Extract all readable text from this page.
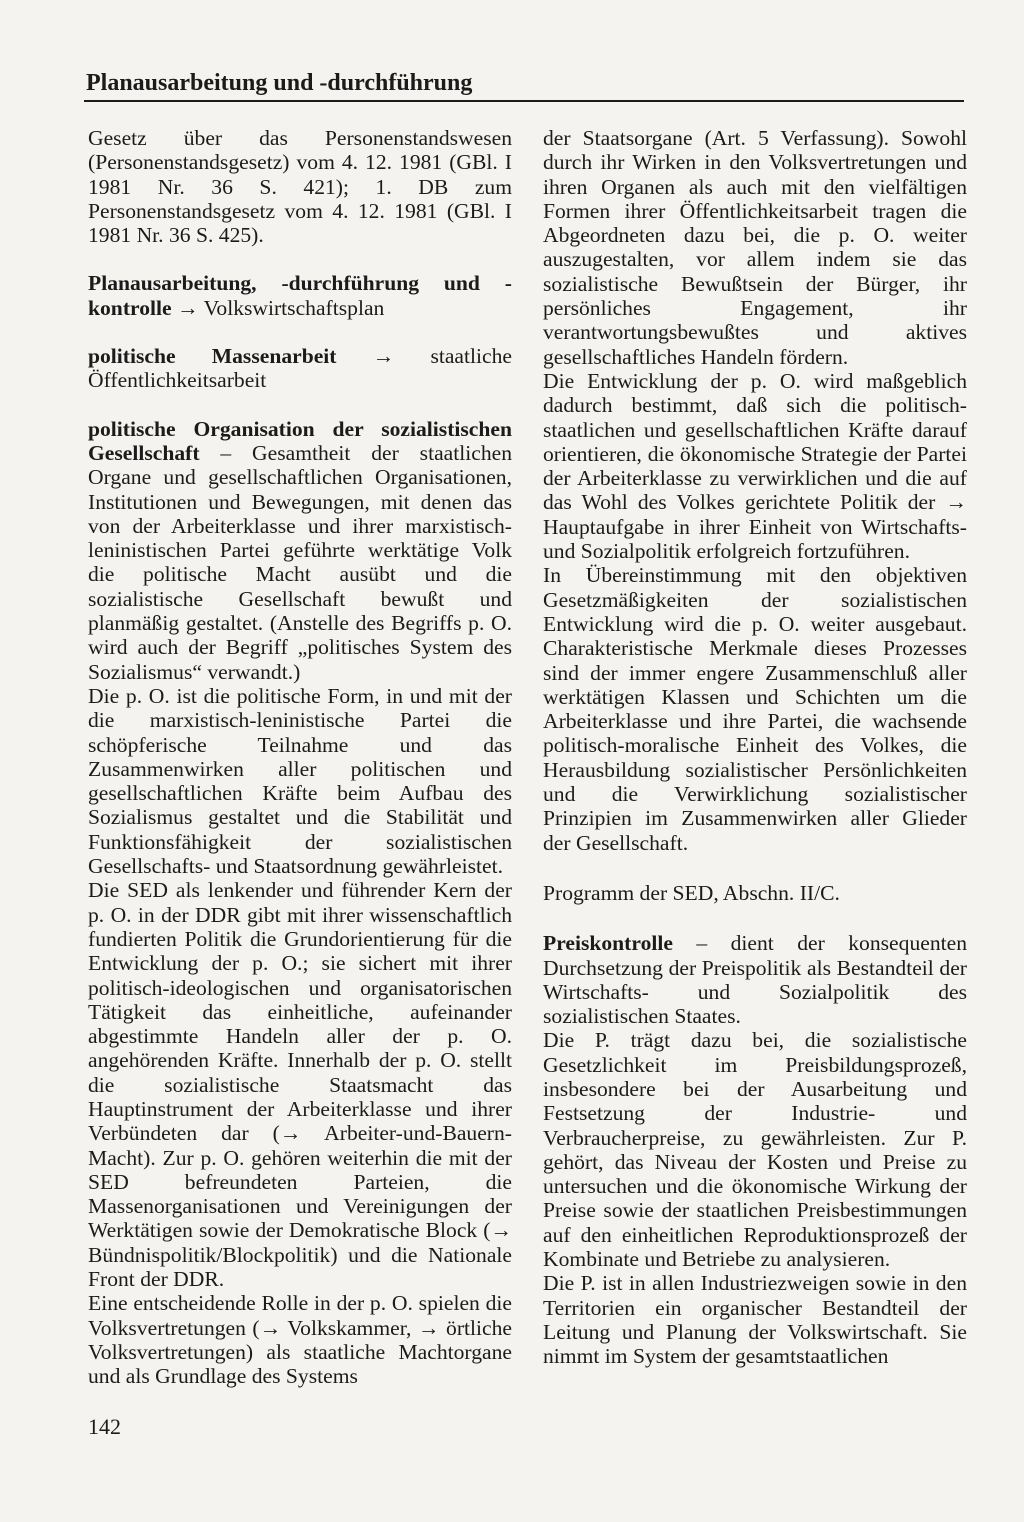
Planausarbeitung und -durchführung

Gesetz über das Personenstandswesen (Personenstandsgesetz) vom 4. 12. 1981 (GBl. I 1981 Nr. 36 S. 421); 1. DB zum Personenstandsgesetz vom 4. 12. 1981 (GBl. I 1981 Nr. 36 S. 425).

Planausarbeitung, -durchführung und -kontrolle → Volkswirtschaftsplan

politische Massenarbeit → staatliche Öffentlichkeitsarbeit

politische Organisation der sozialistischen Gesellschaft – Gesamtheit der staatlichen Organe und gesellschaftlichen Organisationen, Institutionen und Bewegungen, mit denen das von der Arbeiterklasse und ihrer marxistisch-leninistischen Partei geführte werktätige Volk die politische Macht ausübt und die sozialistische Gesellschaft bewußt und planmäßig gestaltet. (Anstelle des Begriffs p. O. wird auch der Begriff „politisches System des Sozialismus“ verwandt.)

Die p. O. ist die politische Form, in und mit der die marxistisch-leninistische Partei die schöpferische Teilnahme und das Zusammenwirken aller politischen und gesellschaftlichen Kräfte beim Aufbau des Sozialismus gestaltet und die Stabilität und Funktionsfähigkeit der sozialistischen Gesellschafts- und Staatsordnung gewährleistet.

Die SED als lenkender und führender Kern der p. O. in der DDR gibt mit ihrer wissenschaftlich fundierten Politik die Grundorientierung für die Entwicklung der p. O.; sie sichert mit ihrer politisch-ideologischen und organisatorischen Tätigkeit das einheitliche, aufeinander abgestimmte Handeln aller der p. O. angehörenden Kräfte. Innerhalb der p. O. stellt die sozialistische Staatsmacht das Hauptinstrument der Arbeiterklasse und ihrer Verbündeten dar (→ Arbeiter-und-Bauern-Macht). Zur p. O. gehören weiterhin die mit der SED befreundeten Parteien, die Massenorganisationen und Vereinigungen der Werktätigen sowie der Demokratische Block (→ Bündnispolitik/Blockpolitik) und die Nationale Front der DDR.

Eine entscheidende Rolle in der p. O. spielen die Volksvertretungen (→ Volkskammer, → örtliche Volksvertretungen) als staatliche Machtorgane und als Grundlage des Systems

der Staatsorgane (Art. 5 Verfassung). Sowohl durch ihr Wirken in den Volksvertretungen und ihren Organen als auch mit den vielfältigen Formen ihrer Öffentlichkeitsarbeit tragen die Abgeordneten dazu bei, die p. O. weiter auszugestalten, vor allem indem sie das sozialistische Bewußtsein der Bürger, ihr persönliches Engagement, ihr verantwortungsbewußtes und aktives gesellschaftliches Handeln fördern.

Die Entwicklung der p. O. wird maßgeblich dadurch bestimmt, daß sich die politisch-staatlichen und gesellschaftlichen Kräfte darauf orientieren, die ökonomische Strategie der Partei der Arbeiterklasse zu verwirklichen und die auf das Wohl des Volkes gerichtete Politik der → Hauptaufgabe in ihrer Einheit von Wirtschafts- und Sozialpolitik erfolgreich fortzuführen.

In Übereinstimmung mit den objektiven Gesetzmäßigkeiten der sozialistischen Entwicklung wird die p. O. weiter ausgebaut. Charakteristische Merkmale dieses Prozesses sind der immer engere Zusammenschluß aller werktätigen Klassen und Schichten um die Arbeiterklasse und ihre Partei, die wachsende politisch-moralische Einheit des Volkes, die Herausbildung sozialistischer Persönlichkeiten und die Verwirklichung sozialistischer Prinzipien im Zusammenwirken aller Glieder der Gesellschaft.

Programm der SED, Abschn. II/C.

Preiskontrolle – dient der konsequenten Durchsetzung der Preispolitik als Bestandteil der Wirtschafts- und Sozialpolitik des sozialistischen Staates.

Die P. trägt dazu bei, die sozialistische Gesetzlichkeit im Preisbildungsprozeß, insbesondere bei der Ausarbeitung und Festsetzung der Industrie- und Verbraucherpreise, zu gewährleisten. Zur P. gehört, das Niveau der Kosten und Preise zu untersuchen und die ökonomische Wirkung der Preise sowie der staatlichen Preisbestimmungen auf den einheitlichen Reproduktionsprozeß der Kombinate und Betriebe zu analysieren.

Die P. ist in allen Industriezweigen sowie in den Territorien ein organischer Bestandteil der Leitung und Planung der Volkswirtschaft. Sie nimmt im System der gesamtstaatlichen

142
